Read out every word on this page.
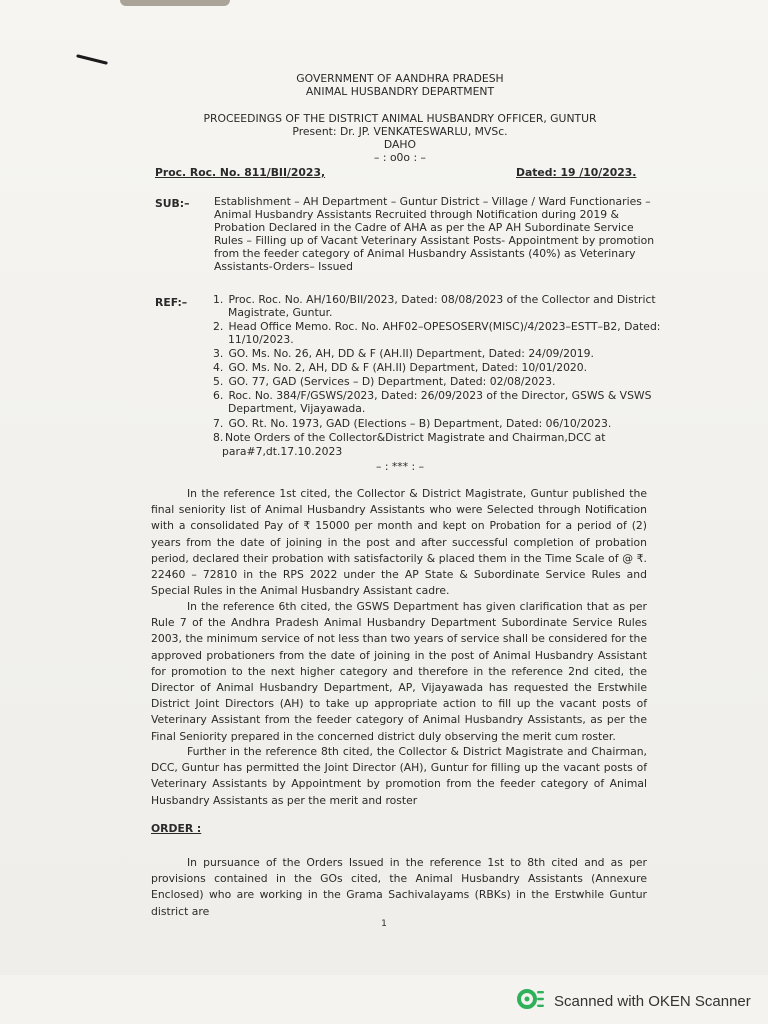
GOVERNMENT OF AANDHRA PRADESH
ANIMAL HUSBANDRY DEPARTMENT
PROCEEDINGS OF THE DISTRICT ANIMAL HUSBANDRY OFFICER, GUNTUR
Present: Dr. JP. VENKATESWARLU, MVSc.
DAHO
– : o0o : –
Proc. Roc. No. 811/BII/2023,	Dated: 19 /10/2023.
SUB:– Establishment – AH Department – Guntur District – Village / Ward Functionaries –
Animal Husbandry Assistants Recruited through Notification during 2019 &
Probation Declared in the Cadre of AHA as per the AP AH Subordinate Service
Rules – Filling up of Vacant Veterinary Assistant Posts- Appointment by promotion
from the feeder category of Animal Husbandry Assistants (40%) as Veterinary
Assistants-Orders– Issued
REF:– 1. Proc. Roc. No. AH/160/BII/2023, Dated: 08/08/2023 of the Collector and District
Magistrate, Guntur.
2. Head Office Memo. Roc. No. AHF02–OPESOSERV(MISC)/4/2023–ESTT–B2, Dated:
11/10/2023.
3. GO. Ms. No. 26, AH, DD & F (AH.II) Department, Dated: 24/09/2019.
4. GO. Ms. No. 2, AH, DD & F (AH.II) Department, Dated: 10/01/2020.
5. GO. 77, GAD (Services – D) Department, Dated: 02/08/2023.
6. Roc. No. 384/F/GSWS/2023, Dated: 26/09/2023 of the Director, GSWS & VSWS
Department, Vijayawada.
7. GO. Rt. No. 1973, GAD (Elections – B) Department, Dated: 06/10/2023.
8. Note Orders of the Collector&District Magistrate and Chairman,DCC at
para#7,dt.17.10.2023
– : *** : –
In the reference 1st cited, the Collector & District Magistrate, Guntur published the final seniority list of Animal Husbandry Assistants who were Selected through Notification with a consolidated Pay of ₹ 15000 per month and kept on Probation for a period of (2) years from the date of joining in the post and after successful completion of probation period, declared their probation with satisfactorily & placed them in the Time Scale of @ ₹. 22460 – 72810 in the RPS 2022 under the AP State & Subordinate Service Rules and Special Rules in the Animal Husbandry Assistant cadre.
In the reference 6th cited, the GSWS Department has given clarification that as per Rule 7 of the Andhra Pradesh Animal Husbandry Department Subordinate Service Rules 2003, the minimum service of not less than two years of service shall be considered for the approved probationers from the date of joining in the post of Animal Husbandry Assistant for promotion to the next higher category and therefore in the reference 2nd cited, the Director of Animal Husbandry Department, AP, Vijayawada has requested the Erstwhile District Joint Directors (AH) to take up appropriate action to fill up the vacant posts of Veterinary Assistant from the feeder category of Animal Husbandry Assistants, as per the Final Seniority prepared in the concerned district duly observing the merit cum roster.
Further in the reference 8th cited, the Collector & District Magistrate and Chairman, DCC, Guntur has permitted the Joint Director (AH), Guntur for filling up the vacant posts of Veterinary Assistants by Appointment by promotion from the feeder category of Animal Husbandry Assistants as per the merit and roster
ORDER :
In pursuance of the Orders Issued in the reference 1st to 8th cited and as per provisions contained in the GOs cited, the Animal Husbandry Assistants (Annexure Enclosed) who are working in the Grama Sachivalayams (RBKs) in the Erstwhile Guntur district are
1
Scanned with OKEN Scanner
